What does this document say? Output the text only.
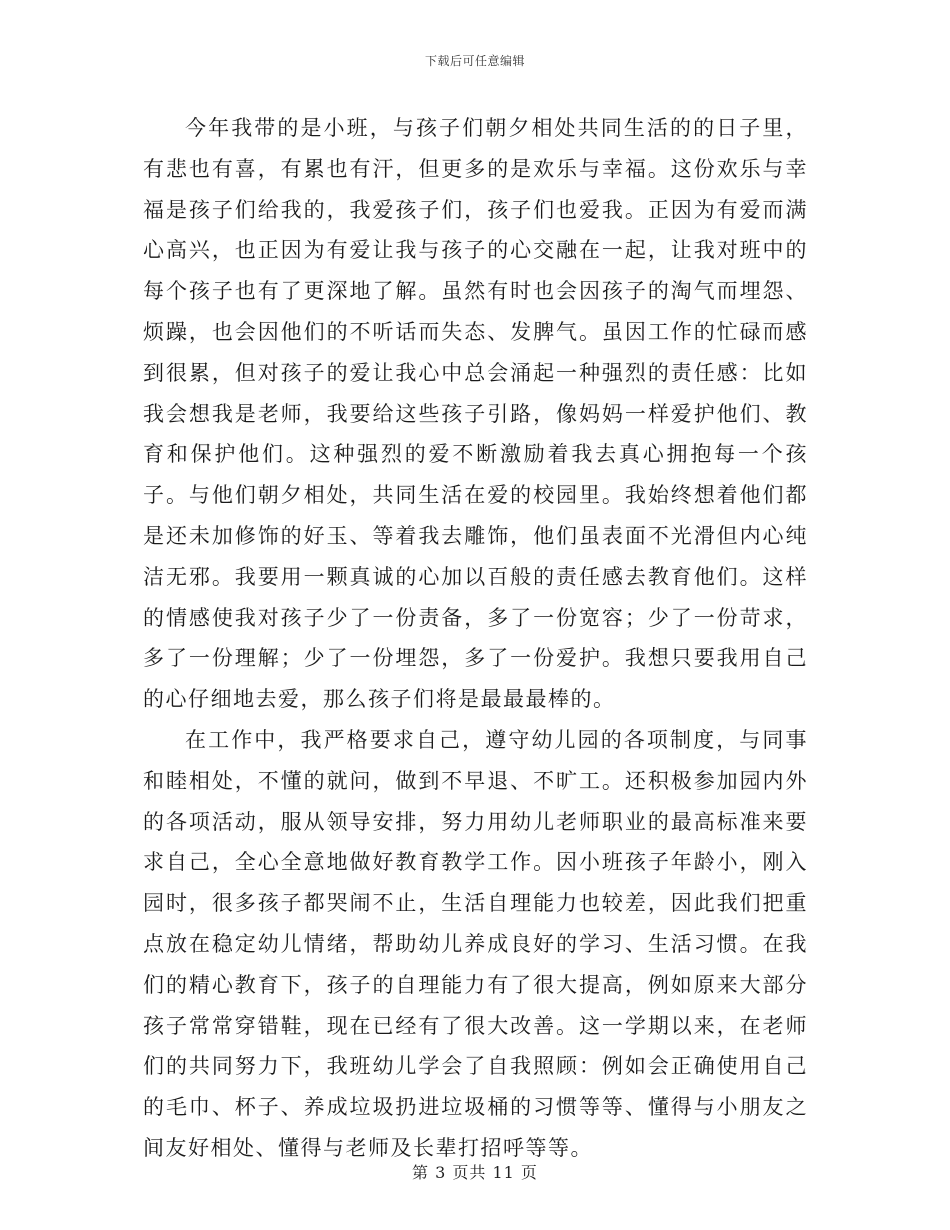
下载后可任意编辑

今年我带的是小班，与孩子们朝夕相处共同生活的的日子里，有悲也有喜，有累也有汗，但更多的是欢乐与幸福。这份欢乐与幸福是孩子们给我的，我爱孩子们，孩子们也爱我。正因为有爱而满心高兴，也正因为有爱让我与孩子的心交融在一起，让我对班中的每个孩子也有了更深地了解。虽然有时也会因孩子的淘气而埋怨、烦躁，也会因他们的不听话而失态、发脾气。虽因工作的忙碌而感到很累，但对孩子的爱让我心中总会涌起一种强烈的责任感：比如我会想我是老师，我要给这些孩子引路，像妈妈一样爱护他们、教育和保护他们。这种强烈的爱不断激励着我去真心拥抱每一个孩子。与他们朝夕相处，共同生活在爱的校园里。我始终想着他们都是还未加修饰的好玉、等着我去雕饰，他们虽表面不光滑但内心纯洁无邪。我要用一颗真诚的心加以百般的责任感去教育他们。这样的情感使我对孩子少了一份责备，多了一份宽容；少了一份苛求，多了一份理解；少了一份埋怨，多了一份爱护。我想只要我用自己的心仔细地去爱，那么孩子们将是最最最棒的。

在工作中，我严格要求自己，遵守幼儿园的各项制度，与同事和睦相处，不懂的就问，做到不早退、不旷工。还积极参加园内外的各项活动，服从领导安排，努力用幼儿老师职业的最高标准来要求自己，全心全意地做好教育教学工作。因小班孩子年龄小，刚入园时，很多孩子都哭闹不止，生活自理能力也较差，因此我们把重点放在稳定幼儿情绪，帮助幼儿养成良好的学习、生活习惯。在我们的精心教育下，孩子的自理能力有了很大提高，例如原来大部分孩子常常穿错鞋，现在已经有了很大改善。这一学期以来，在老师们的共同努力下，我班幼儿学会了自我照顾：例如会正确使用自己的毛巾、杯子、养成垃圾扔进垃圾桶的习惯等等、懂得与小朋友之间友好相处、懂得与老师及长辈打招呼等等。

第 3 页共 11 页
